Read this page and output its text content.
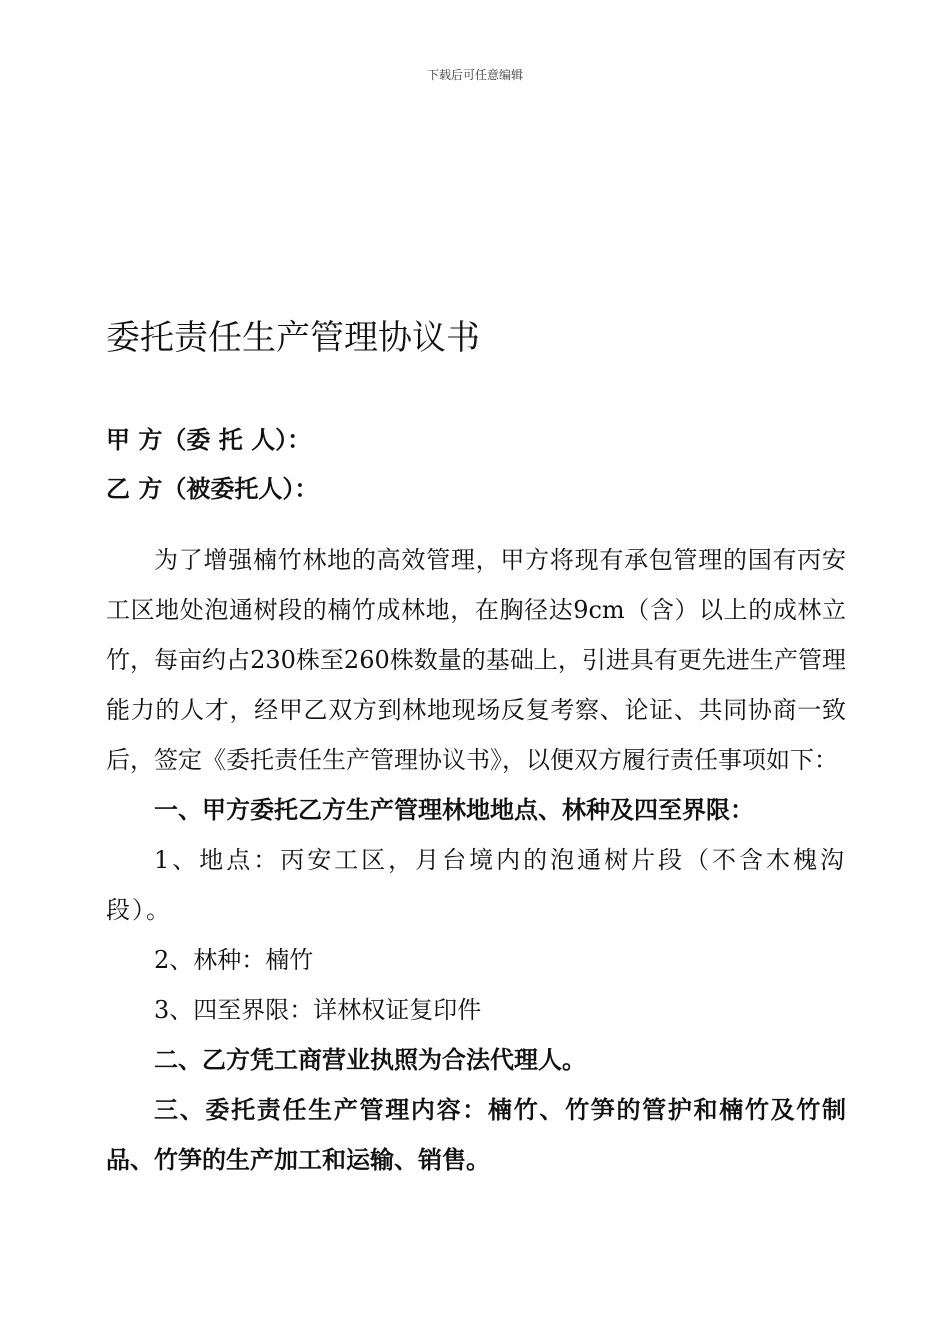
下载后可任意编辑
委托责任生产管理协议书
甲 方（委 托 人）：
乙 方（被委托人）：

为了增强楠竹林地的高效管理，甲方将现有承包管理的国有丙安工区地处泡通树段的楠竹成林地，在胸径达9cm（含）以上的成林立竹，每亩约占230株至260株数量的基础上，引进具有更先进生产管理能力的人才，经甲乙双方到林地现场反复考察、论证、共同协商一致后，签定《委托责任生产管理协议书》，以便双方履行责任事项如下：

一、甲方委托乙方生产管理林地地点、林种及四至界限：

1、地点：丙安工区，月台境内的泡通树片段（不含木槐沟段）。

2、林种：楠竹

3、四至界限：详林权证复印件

二、乙方凭工商营业执照为合法代理人。

三、委托责任生产管理内容：楠竹、竹笋的管护和楠竹及竹制品、竹笋的生产加工和运输、销售。
